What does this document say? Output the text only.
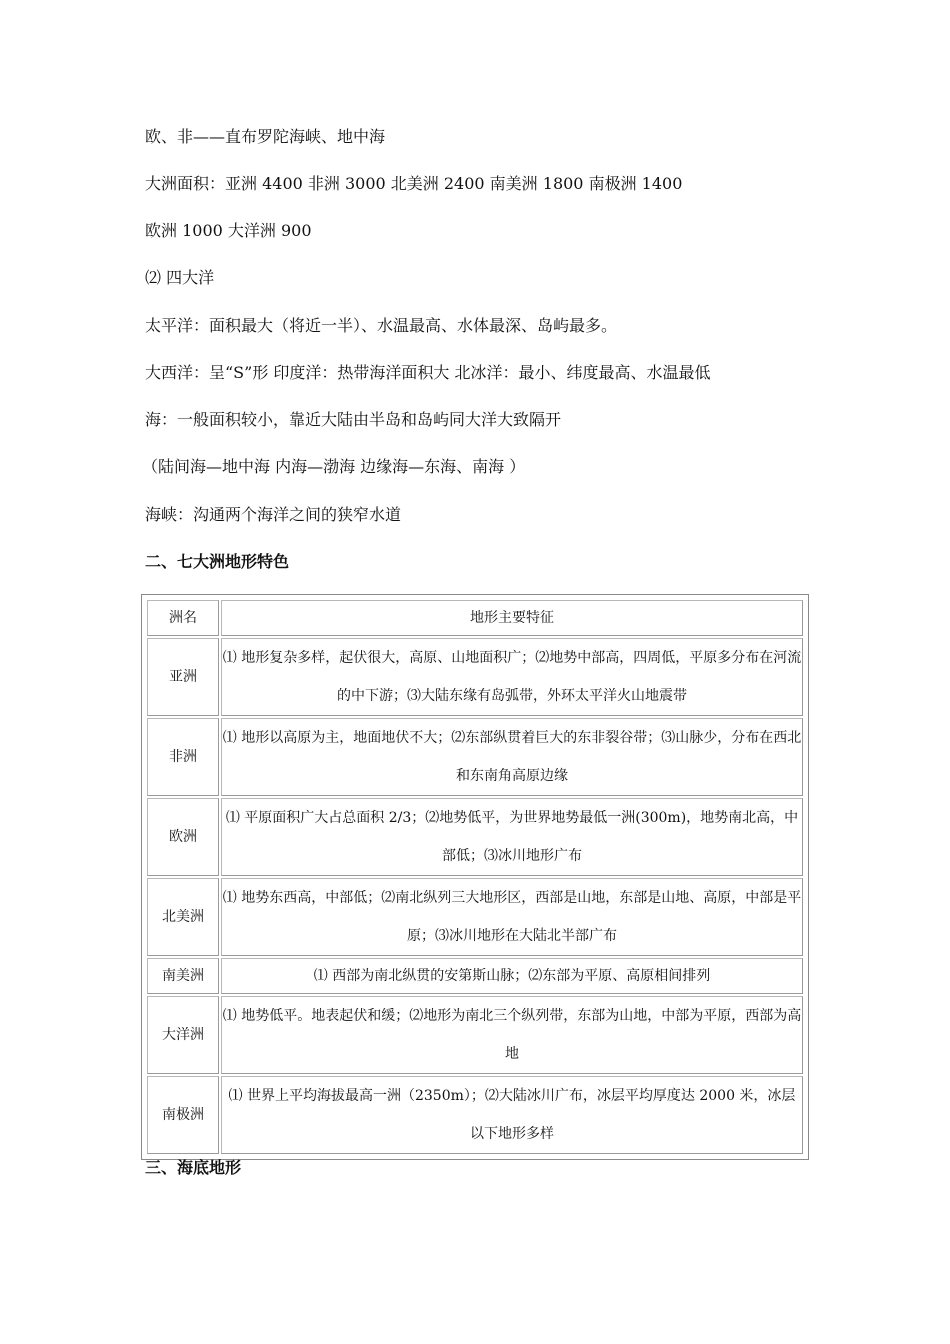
欧、非——直布罗陀海峡、地中海
大洲面积：亚洲 4400 非洲 3000 北美洲 2400 南美洲 1800 南极洲 1400
欧洲 1000 大洋洲 900
⑵ 四大洋
太平洋：面积最大（将近一半）、水温最高、水体最深、岛屿最多。
大西洋：呈“S”形 印度洋：热带海洋面积大 北冰洋：最小、纬度最高、水温最低
海：一般面积较小，靠近大陆由半岛和岛屿同大洋大致隔开
（陆间海—地中海 内海—渤海 边缘海—东海、南海 ）
海峡：沟通两个海洋之间的狭窄水道
二、七大洲地形特色
洲名	地形主要特征
亚洲	⑴ 地形复杂多样，起伏很大，高原、山地面积广；⑵地势中部高，四周低，平原多分布在河流的中下游；⑶大陆东缘有岛弧带，外环太平洋火山地震带
非洲	⑴ 地形以高原为主，地面地伏不大；⑵东部纵贯着巨大的东非裂谷带；⑶山脉少，分布在西北和东南角高原边缘
欧洲	⑴ 平原面积广大占总面积 2/3；⑵地势低平，为世界地势最低一洲(300m)，地势南北高，中部低；⑶冰川地形广布
北美洲	⑴ 地势东西高，中部低；⑵南北纵列三大地形区，西部是山地，东部是山地、高原，中部是平原；⑶冰川地形在大陆北半部广布
南美洲	⑴ 西部为南北纵贯的安第斯山脉；⑵东部为平原、高原相间排列
大洋洲	⑴ 地势低平。地表起伏和缓；⑵地形为南北三个纵列带，东部为山地，中部为平原，西部为高地
南极洲	⑴ 世界上平均海拔最高一洲（2350m）；⑵大陆冰川广布，冰层平均厚度达 2000 米，冰层以下地形多样
三、海底地形
